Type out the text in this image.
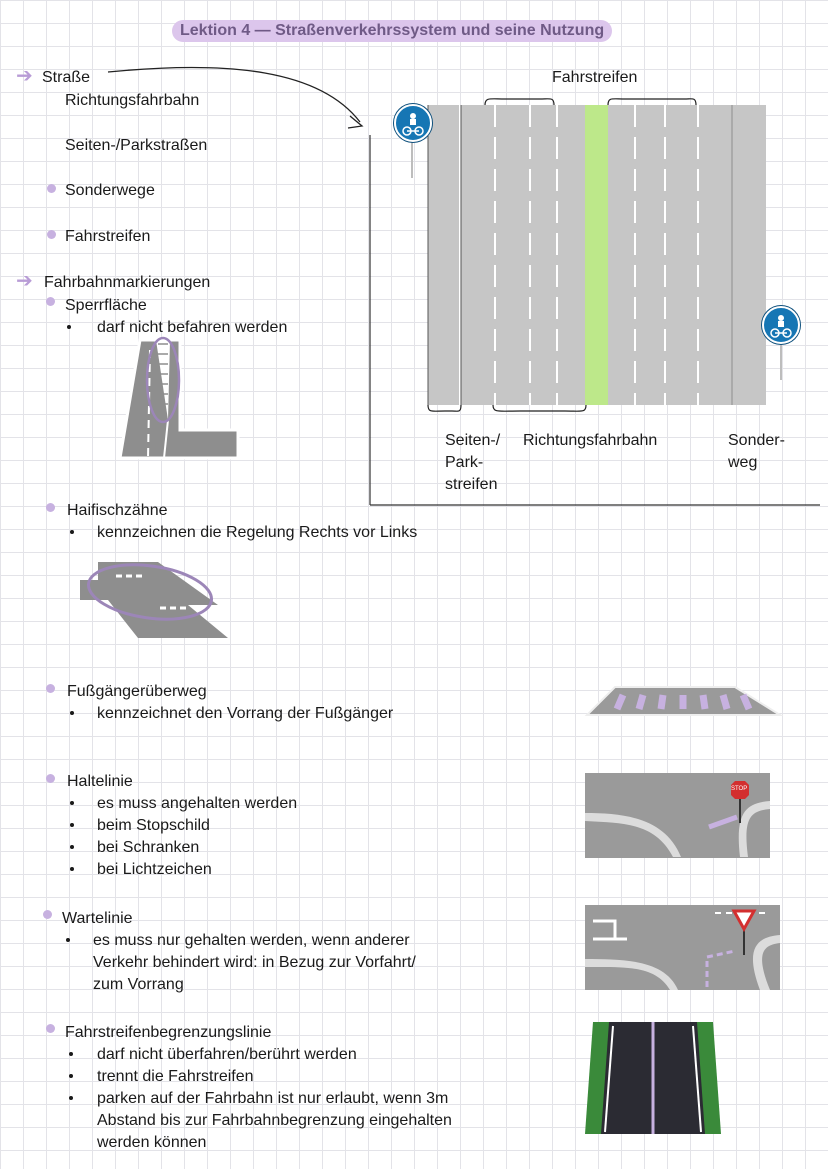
Lektion 4 — Straßenverkehrssystem und seine Nutzung
➔ Straße
Richtungsfahrbahn
Seiten-/Parkstraßen
Sonderwege
Fahrstreifen
Fahrstreifen
Seiten-/
Park-
streifen
Richtungsfahrbahn	Sonder-
weg
➔ Fahrbahnmarkierungen
Sperrfläche
darf nicht befahren werden
Haifischzähne
kennzeichnen die Regelung Rechts vor Links
Fußgängerüberweg
kennzeichnet den Vorrang der Fußgänger
Haltelinie
es muss angehalten werden
beim Stopschild
bei Schranken
bei Lichtzeichen
STOP
Wartelinie
es muss nur gehalten werden, wenn anderer
Verkehr behindert wird: in Bezug zur Vorfahrt/
zum Vorrang
Fahrstreifenbegrenzungslinie
darf nicht überfahren/berührt werden
trennt die Fahrstreifen
parken auf der Fahrbahn ist nur erlaubt, wenn 3m
Abstand bis zur Fahrbahnbegrenzung eingehalten
werden können
